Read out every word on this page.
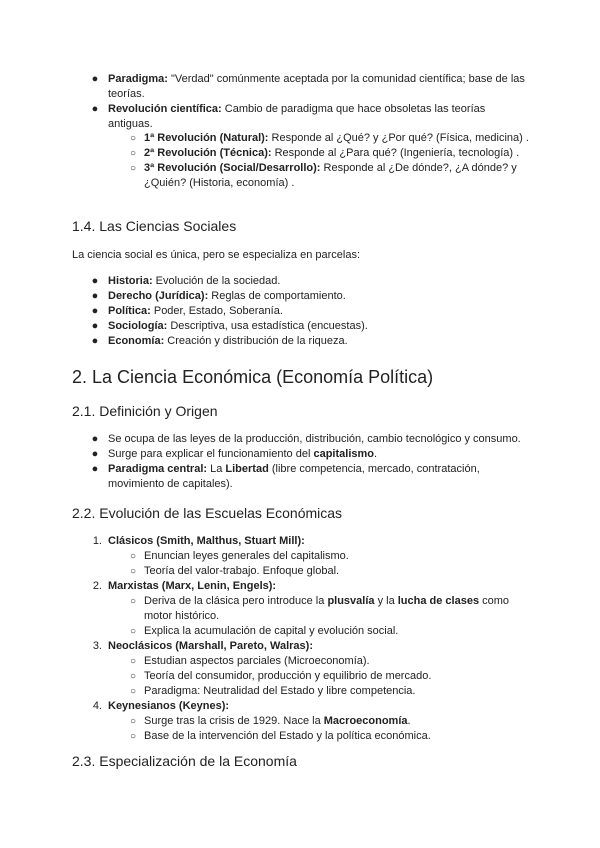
● Paradigma: "Verdad" comúnmente aceptada por la comunidad científica; base de las teorías.
● Revolución científica: Cambio de paradigma que hace obsoletas las teorías antiguas.
○ 1ª Revolución (Natural): Responde al ¿Qué? y ¿Por qué? (Física, medicina) .
○ 2ª Revolución (Técnica): Responde al ¿Para qué? (Ingeniería, tecnología) .
○ 3ª Revolución (Social/Desarrollo): Responde al ¿De dónde?, ¿A dónde? y ¿Quién? (Historia, economía) .
1.4. Las Ciencias Sociales

La ciencia social es única, pero se especializa en parcelas:

● Historia: Evolución de la sociedad.
● Derecho (Jurídica): Reglas de comportamiento.
● Política: Poder, Estado, Soberanía.
● Sociología: Descriptiva, usa estadística (encuestas).
● Economía: Creación y distribución de la riqueza.
2. La Ciencia Económica (Economía Política)
2.1. Definición y Origen
● Se ocupa de las leyes de la producción, distribución, cambio tecnológico y consumo.
● Surge para explicar el funcionamiento del capitalismo.
● Paradigma central: La Libertad (libre competencia, mercado, contratación, movimiento de capitales).
2.2. Evolución de las Escuelas Económicas
1. Clásicos (Smith, Malthus, Stuart Mill):
○ Enuncian leyes generales del capitalismo.
○ Teoría del valor-trabajo. Enfoque global.
2. Marxistas (Marx, Lenin, Engels):
○ Deriva de la clásica pero introduce la plusvalía y la lucha de clases como motor histórico.
○ Explica la acumulación de capital y evolución social.
3. Neoclásicos (Marshall, Pareto, Walras):
○ Estudian aspectos parciales (Microeconomía).
○ Teoría del consumidor, producción y equilibrio de mercado.
○ Paradigma: Neutralidad del Estado y libre competencia.
4. Keynesianos (Keynes):
○ Surge tras la crisis de 1929. Nace la Macroeconomía.
○ Base de la intervención del Estado y la política económica.
2.3. Especialización de la Economía
